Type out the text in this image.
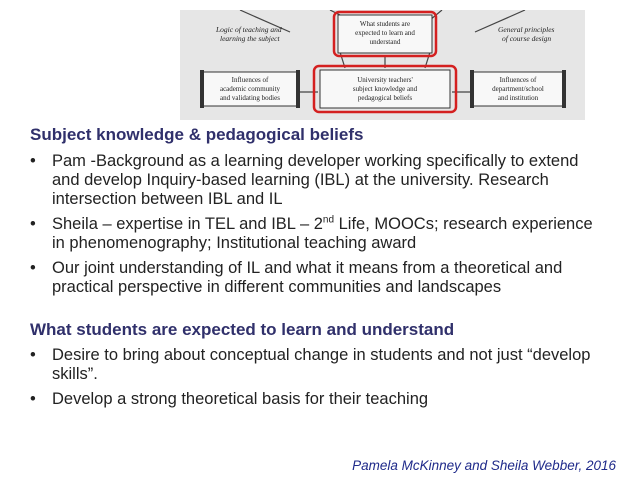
What students are
expected to learn and
understand
Logic of teaching and
learning the subject
General principles
of course design
Influences of
academic community
and validating bodies
University teachers'
subject knowledge and
pedagogical beliefs
Influences of
department/school
and institution
Subject knowledge & pedagogical beliefs
• Pam -Background as a learning developer working specifically to extend and develop Inquiry-based learning (IBL) at the university. Research intersection between IBL and IL
• Sheila – expertise in TEL and IBL – 2nd Life, MOOCs; research experience in phenomenography; Institutional teaching award
• Our joint understanding of IL and what it means from a theoretical and practical perspective in different communities and landscapes
What students are expected to learn and understand
• Desire to bring about conceptual change in students and not just “develop skills”.
• Develop a strong theoretical basis for their teaching
Pamela McKinney and Sheila Webber, 2016
